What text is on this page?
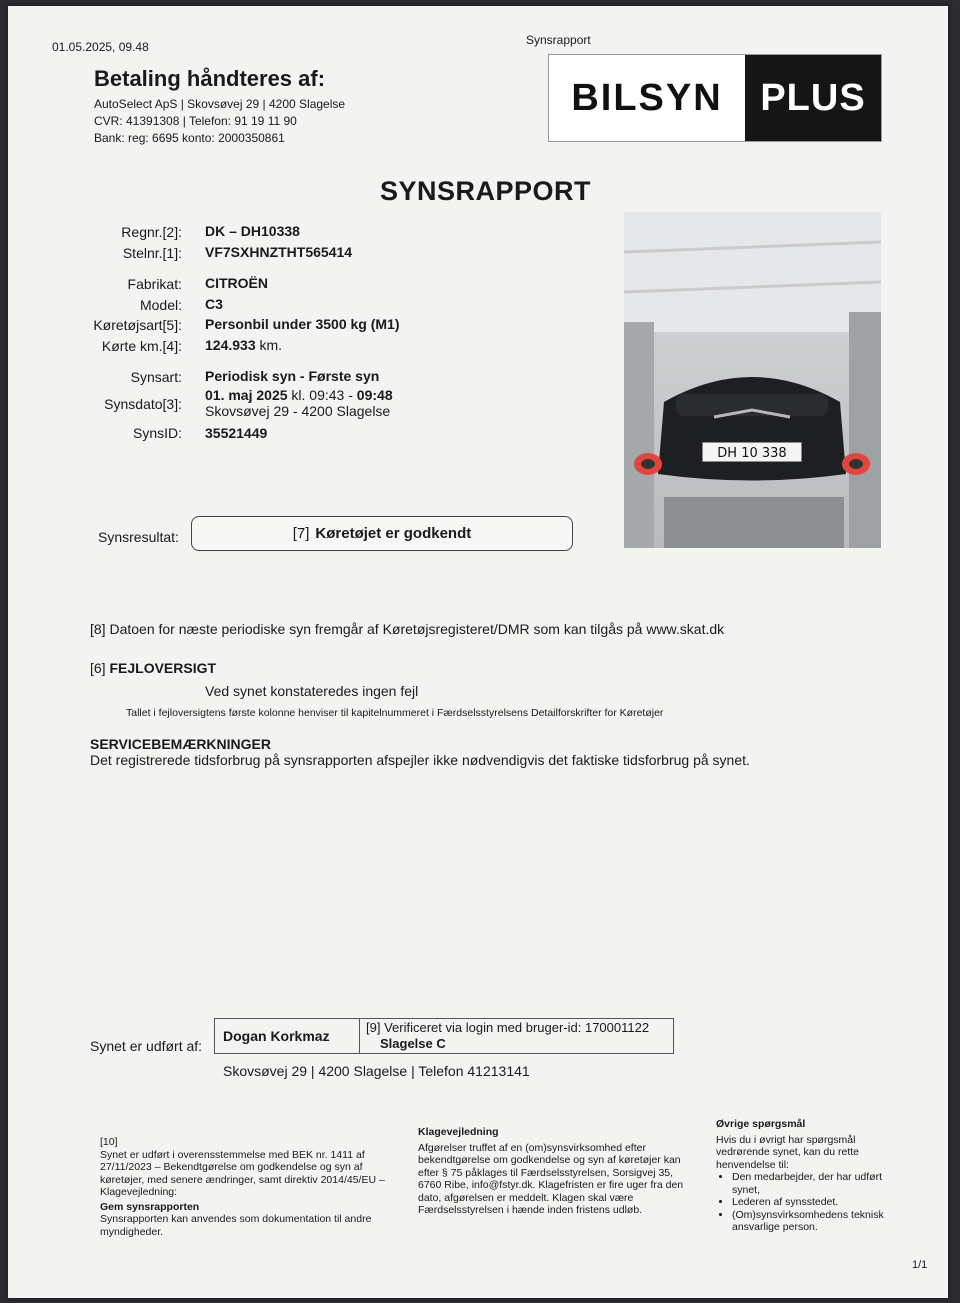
01.05.2025, 09.48	Synsrapport
Betaling håndteres af:
AutoSelect ApS | Skovsøvej 29 | 4200 Slagelse
CVR: 41391308 | Telefon: 91 19 11 90
Bank: reg: 6695 konto: 2000350861
BILSYN PLUS
SYNSRAPPORT
Regnr.[2]: DK – DH10338
Stelnr.[1]: VF7SXHNZTHT565414
Fabrikat: CITROËN
Model: C3
Køretøjsart[5]: Personbil under 3500 kg (M1)
Kørte km.[4]: 124.933 km.
Synsart: Periodisk syn - Første syn
Synsdato[3]:
01. maj 2025 kl. 09:43 - 09:48
Skovsøvej 29 - 4200 Slagelse
SynsID: 35521449
DH 10 338
Synsresultat:	[7] Køretøjet er godkendt
[8] Datoen for næste periodiske syn fremgår af Køretøjsregisteret/DMR som kan tilgås på www.skat.dk
[6] FEJLOVERSIGT
Ved synet konstateredes ingen fejl
Tallet i fejloversigtens første kolonne henviser til kapitelnummeret i Færdselsstyrelsens Detailforskrifter for Køretøjer
SERVICEBEMÆRKNINGER
Det registrerede tidsforbrug på synsrapporten afspejler ikke nødvendigvis det faktiske tidsforbrug på synet.
Synet er udført af:
Dogan Korkmaz
[9] Verificeret via login med bruger-id: 170001122
Slagelse C
Skovsøvej 29 | 4200 Slagelse | Telefon 41213141
[10]
Synet er udført i overensstemmelse med BEK nr. 1411 af 27/11/2023 – Bekendtgørelse om godkendelse og syn af køretøjer, med senere ændringer, samt direktiv 2014/45/EU – Klagevejledning:
Gem synsrapporten
Synsrapporten kan anvendes som dokumentation til andre myndigheder.
Klagevejledning
Afgørelser truffet af en (om)synsvirksomhed efter bekendtgørelse om godkendelse og syn af køretøjer kan efter § 75 påklages til Færdselsstyrelsen, Sorsigvej 35, 6760 Ribe, info@fstyr.dk. Klagefristen er fire uger fra den dato, afgørelsen er meddelt. Klagen skal være Færdselsstyrelsen i hænde inden fristens udløb.
Øvrige spørgsmål
Hvis du i øvrigt har spørgsmål vedrørende synet, kan du rette henvendelse til:
• Den medarbejder, der har udført synet,
• Lederen af synsstedet.
• (Om)synsvirksomhedens teknisk ansvarlige person.
1/1
